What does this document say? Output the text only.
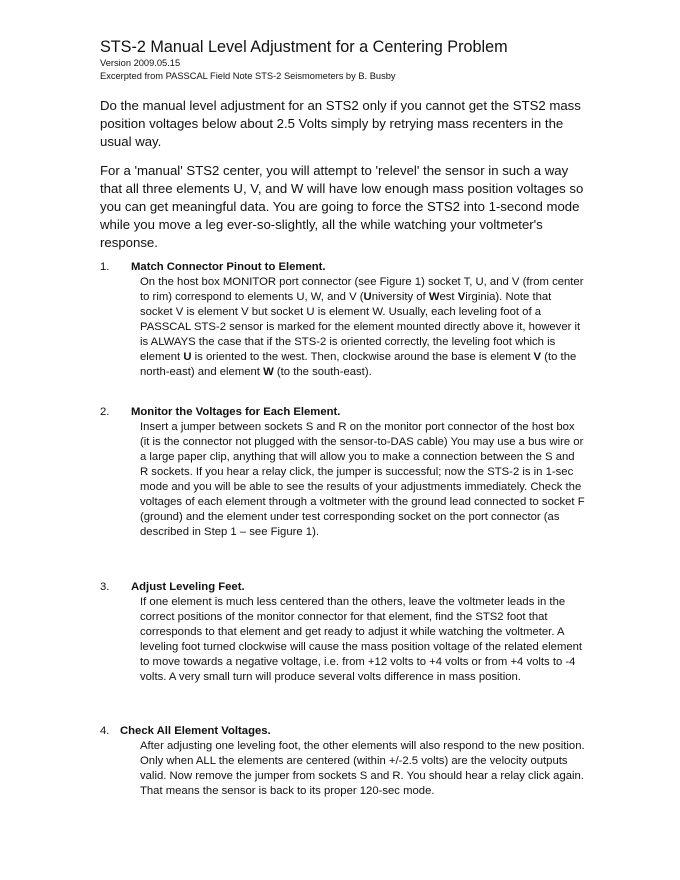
STS-2 Manual Level Adjustment for a Centering Problem
Version 2009.05.15
Excerpted from PASSCAL Field Note STS-2 Seismometers by B. Busby

Do the manual level adjustment for an STS2 only if you cannot get the STS2 mass position voltages below about 2.5 Volts simply by retrying mass recenters in the usual way.

For a 'manual' STS2 center, you will attempt to 'relevel' the sensor in such a way that all three elements U, V, and W will have low enough mass position voltages so you can get meaningful data. You are going to force the STS2 into 1-second mode while you move a leg ever-so-slightly, all the while watching your voltmeter's response.

1. Match Connector Pinout to Element.

On the host box MONITOR port connector (see Figure 1) socket T, U, and V (from center to rim) correspond to elements U, W, and V (University of West Virginia). Note that socket V is element V but socket U is element W. Usually, each leveling foot of a PASSCAL STS-2 sensor is marked for the element mounted directly above it, however it is ALWAYS the case that if the STS-2 is oriented correctly, the leveling foot which is element U is oriented to the west. Then, clockwise around the base is element V (to the north-east) and element W (to the south-east).

2. Monitor the Voltages for Each Element.

Insert a jumper between sockets S and R on the monitor port connector of the host box (it is the connector not plugged with the sensor-to-DAS cable) You may use a bus wire or a large paper clip, anything that will allow you to make a connection between the S and R sockets. If you hear a relay click, the jumper is successful; now the STS-2 is in 1-sec mode and you will be able to see the results of your adjustments immediately. Check the voltages of each element through a voltmeter with the ground lead connected to socket F (ground) and the element under test corresponding socket on the port connector (as described in Step 1 – see Figure 1).

3. Adjust Leveling Feet.

If one element is much less centered than the others, leave the voltmeter leads in the correct positions of the monitor connector for that element, find the STS2 foot that corresponds to that element and get ready to adjust it while watching the voltmeter. A leveling foot turned clockwise will cause the mass position voltage of the related element to move towards a negative voltage, i.e. from +12 volts to +4 volts or from +4 volts to -4 volts. A very small turn will produce several volts difference in mass position.

4. Check All Element Voltages.

After adjusting one leveling foot, the other elements will also respond to the new position. Only when ALL the elements are centered (within +/-2.5 volts) are the velocity outputs valid. Now remove the jumper from sockets S and R. You should hear a relay click again. That means the sensor is back to its proper 120-sec mode.
